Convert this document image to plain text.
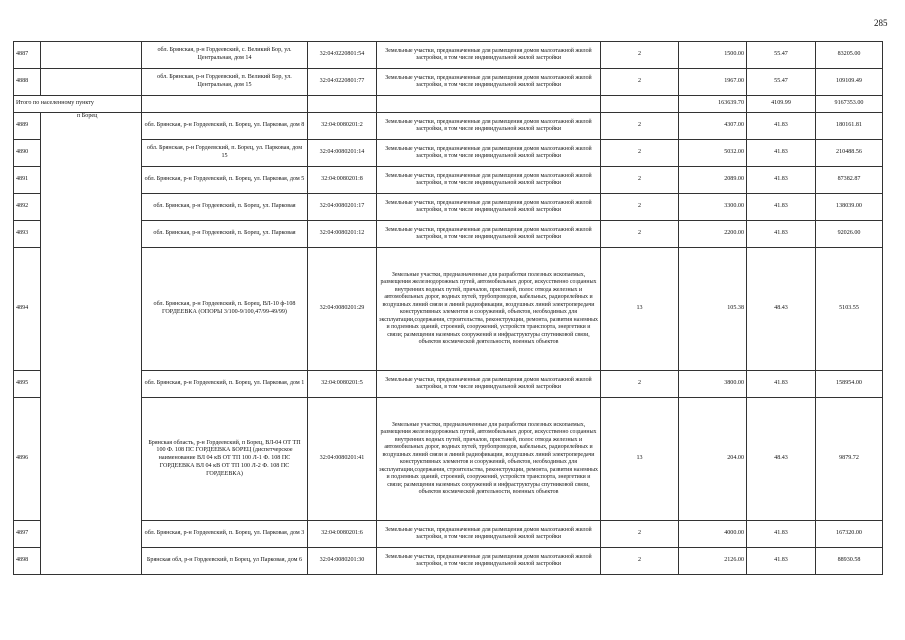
285
4887		обл. Брянская, р-н Гордеевский, с. Великий Бор, ул. Центральная, дом 14	32:04:0220801:54	Земельные участки, предназначенные для размещения домов малоэтажной жилой застройки, в том числе индивидуальной жилой застройки	2	1500.00	55.47	83205.00
4888		обл. Брянская, р-н Гордеевский, п. Великий Бор, ул. Центральная, дом 15	32:04:0220801:77	Земельные участки, предназначенные для размещения домов малоэтажной жилой застройки, в том числе индивидуальной жилой застройки	2	1967.00	55.47	109109.49
Итого по населенному пункту						163639.70	4109.99	9167353.00
4889	п Борец	обл. Брянская, р-н Гордеевский, п. Борец, ул. Парковая, дом 8	32:04:0080201:2	Земельные участки, предназначенные для размещения домов малоэтажной жилой застройки, в том числе индивидуальной жилой застройки	2	4307.00	41.83	180161.81
4890		обл. Брянская, р-н Гордеевский, п. Борец, ул. Парковая, дом 15	32:04:0080201:14	Земельные участки, предназначенные для размещения домов малоэтажной жилой застройки, в том числе индивидуальной жилой застройки	2	5032.00	41.83	210488.56
4891		обл. Брянская, р-н Гордеевский, п. Борец, ул. Парковая, дом 5	32:04:0080201:8	Земельные участки, предназначенные для размещения домов малоэтажной жилой застройки, в том числе индивидуальной жилой застройки	2	2089.00	41.83	87382.87
4892		обл. Брянская, р-н Гордеевский, п. Борец, ул. Парковая	32:04:0080201:17	Земельные участки, предназначенные для размещения домов малоэтажной жилой застройки, в том числе индивидуальной жилой застройки	2	3300.00	41.83	138039.00
4893		обл. Брянская, р-н Гордеевский, п. Борец, ул. Парковая	32:04:0080201:12	Земельные участки, предназначенные для размещения домов малоэтажной жилой застройки, в том числе индивидуальной жилой застройки	2	2200.00	41.83	92026.00
4894		обл. Брянская, р-н Гордеевский, п. Борец, ВЛ-10 ф-108 ГОРДЕЕВКА (ОПОРЫ 3/100-9/100,47/99-49/99)	32:04:0080201:29	Земельные участки, предназначенные для разработки полезных ископаемых, размещения железнодорожных путей, автомобильных дорог, искусственно созданных внутренних водных путей, причалов, пристаней, полос отвода железных и автомобильных дорог, водных путей, трубопроводов, кабельных, радиорелейных и воздушных линий связи и линий радиофикации, воздушных линий электропередачи конструктивных элементов и сооружений, объектов, необходимых для эксплуатации,содержания, строительства, реконструкции, ремонта, развития наземных и подземных зданий, строений, сооружений, устройств транспорта, энергетики и связи; размещения наземных сооружений и инфраструктуры спутниковой связи, объектов космической деятельности, военных объектов	13	105.38	48.43	5103.55
4895		обл. Брянская, р-н Гордеевский, п. Борец, ул. Парковая, дом 1	32:04:0080201:5	Земельные участки, предназначенные для размещения домов малоэтажной жилой застройки, в том числе индивидуальной жилой застройки	2	3800.00	41.83	158954.00
4896		Брянская область, р-н Гордеевский, п Борец, ВЛ-04 ОТ ТП 100 Ф. 108 ПС ГОРДЕЕВКА БОРЕЦ (диспетчерское наименование ВЛ 04 кВ ОТ ТП 100 Л-1 Ф. 108 ПС ГОРДЕЕВКА ВЛ 04 кВ ОТ ТП 100 Л-2 Ф. 108 ПС ГОРДЕЕВКА)	32:04:0080201:41	Земельные участки, предназначенные для разработки полезных ископаемых, размещения железнодорожных путей, автомобильных дорог, искусственно созданных внутренних водных путей, причалов, пристаней, полос отвода железных и автомобильных дорог, водных путей, трубопроводов, кабельных, радиорелейных и воздушных линий связи и линий радиофикации, воздушных линий электропередачи конструктивных элементов и сооружений, объектов, необходимых для эксплуатации,содержания, строительства, реконструкции, ремонта, развития наземных и подземных зданий, строений, сооружений, устройств транспорта, энергетики и связи; размещения наземных сооружений и инфраструктуры спутниковой связи, объектов космической деятельности, военных объектов	13	204.00	48.43	9879.72
4897		обл. Брянская, р-н Гордеевский, п. Борец, ул. Парковая, дом 3	32:04:0080201:6	Земельные участки, предназначенные для размещения домов малоэтажной жилой застройки, в том числе индивидуальной жилой застройки	2	4000.00	41.83	167320.00
4898		Брянская обл, р-н Гордеевский, п Борец, ул Парковая, дом 6	32:04:0080201:30	Земельные участки, предназначенные для размещения домов малоэтажной жилой застройки, в том числе индивидуальной жилой застройки	2	2126.00	41.83	88930.58
